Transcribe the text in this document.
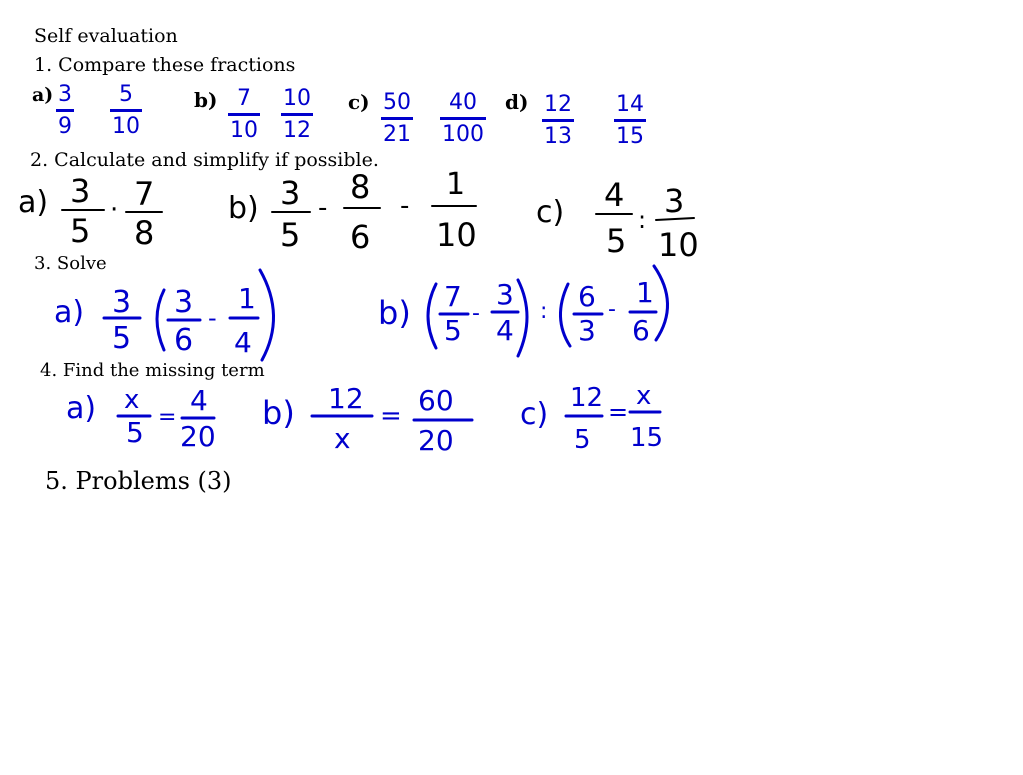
Self evaluation
1. Compare these fractions
a) 3
9
5
10
b) 7
10
10
12
c) 50
21
40
100
d) 12
13
14
15
2. Calculate and simplify if possible.
a) 3
5
· 7
8
b) 3
5
-
8
6
-
1
10
c) 4
5
: 3
10
a) 3
5
3
6
-
1
4
b) 7
5
-
3
4
: 6
3
-
1
6
a) x
5 =
4
20
b) 12
x
= 60
20
c) 12
5
=
x
15
3. Solve
4. Find the missing term
5. Problems (3)
